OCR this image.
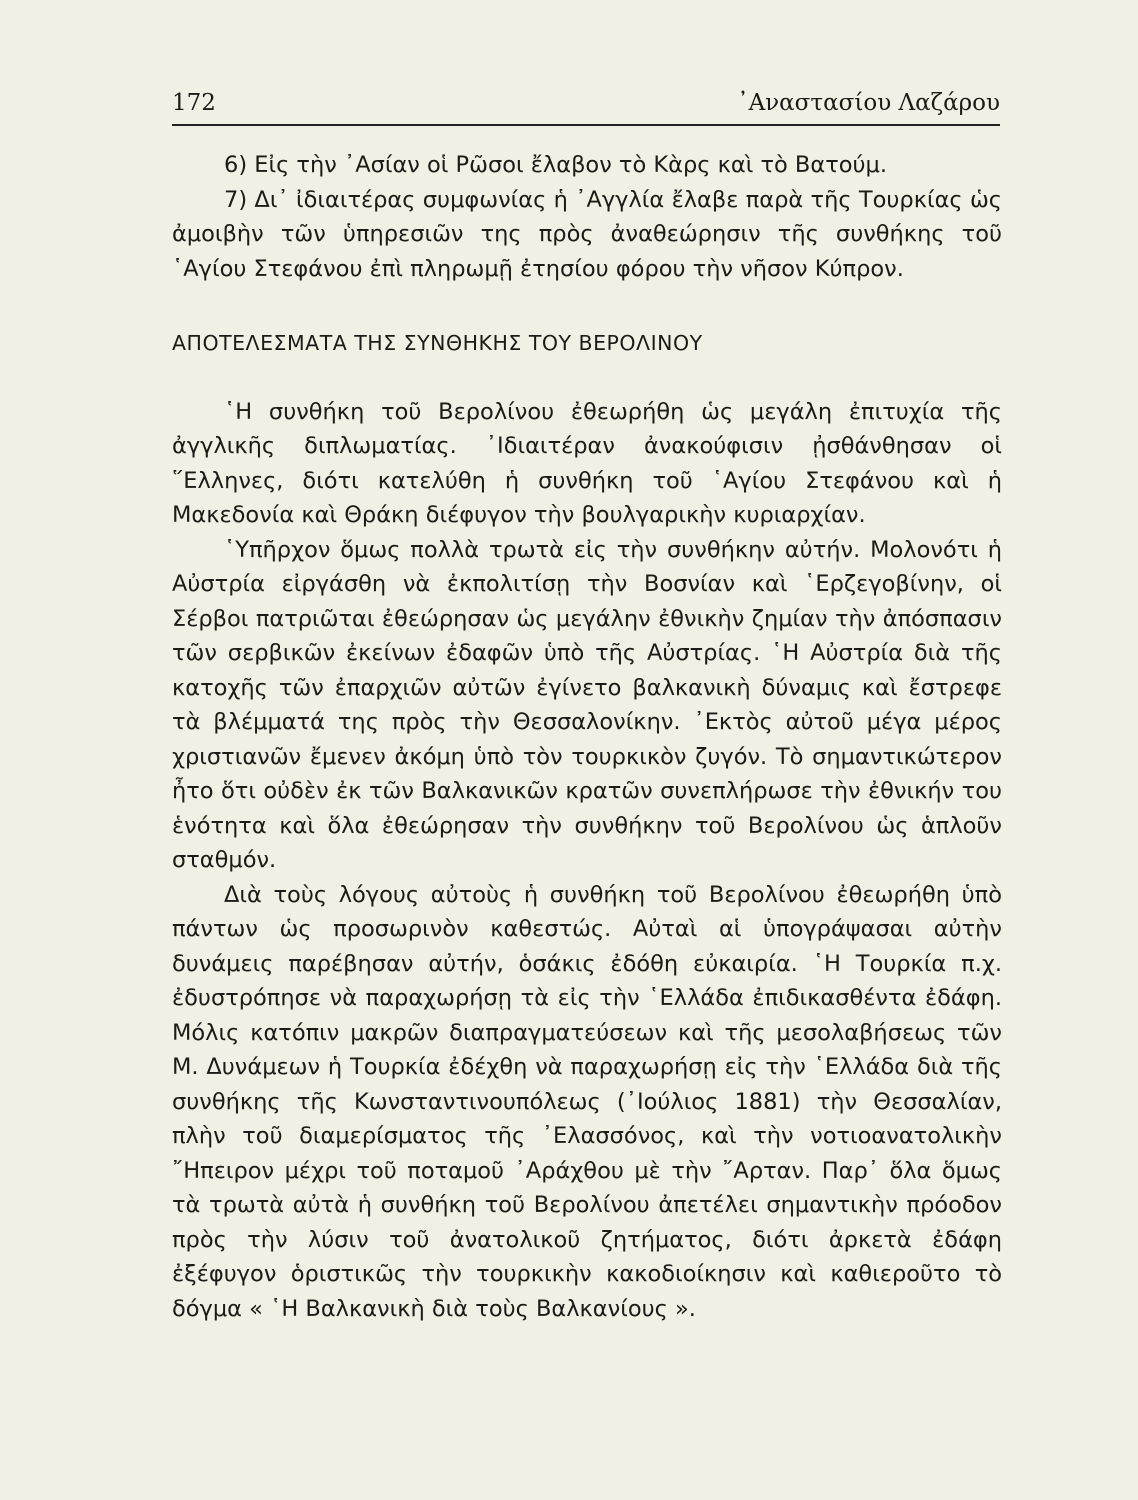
172	᾿Αναστασίου Λαζάρου

6) Εἰς τὴν ᾿Ασίαν οἱ Ρῶσοι ἔλαβον τὸ Κὰρς καὶ τὸ Βατούμ.

7) Δι᾿ ἰδιαιτέρας συμφωνίας ἡ ᾿Αγγλία ἔλαβε παρὰ τῆς Τουρκίας ὡς ἀμοιβὴν τῶν ὑπηρεσιῶν της πρὸς ἀναθεώρησιν τῆς συνθήκης τοῦ ῾Αγίου Στεφάνου ἐπὶ πληρωμῇ ἐτησίου φόρου τὴν νῆσον Κύπρον.

ΑΠΟΤΕΛΕΣΜΑΤΑ ΤΗΣ ΣΥΝΘΗΚΗΣ ΤΟΥ ΒΕΡΟΛΙΝΟΥ

῾Η συνθήκη τοῦ Βερολίνου ἐθεωρήθη ὡς μεγάλη ἐπιτυχία τῆς ἀγγλικῆς διπλωματίας. ᾿Ιδιαιτέραν ἀνακούφισιν ᾐσθάνθησαν οἱ ῞Ελληνες, διότι κατελύθη ἡ συνθήκη τοῦ ῾Αγίου Στεφάνου καὶ ἡ Μακεδονία καὶ Θράκη διέφυγον τὴν βουλγαρικὴν κυριαρχίαν.

῾Υπῆρχον ὅμως πολλὰ τρωτὰ εἰς τὴν συνθήκην αὐτήν. Μολονότι ἡ Αὐστρία εἰργάσθη νὰ ἐκπολιτίσῃ τὴν Βοσνίαν καὶ ῾Ερζεγοβίνην, οἱ Σέρβοι πατριῶται ἐθεώρησαν ὡς μεγάλην ἐθνικὴν ζημίαν τὴν ἀπόσπασιν τῶν σερβικῶν ἐκείνων ἐδαφῶν ὑπὸ τῆς Αὐστρίας. ῾Η Αὐστρία διὰ τῆς κατοχῆς τῶν ἐπαρχιῶν αὐτῶν ἐγίνετο βαλκανικὴ δύναμις καὶ ἔστρεφε τὰ βλέμματά της πρὸς τὴν Θεσσαλονίκην. ᾿Εκτὸς αὐτοῦ μέγα μέρος χριστιανῶν ἔμενεν ἀκόμη ὑπὸ τὸν τουρκικὸν ζυγόν. Τὸ σημαντικώτερον ἦτο ὅτι οὐδὲν ἐκ τῶν Βαλκανικῶν κρατῶν συνεπλήρωσε τὴν ἐθνικήν του ἑνότητα καὶ ὅλα ἐθεώρησαν τὴν συνθήκην τοῦ Βερολίνου ὡς ἁπλοῦν σταθμόν.

Διὰ τοὺς λόγους αὐτοὺς ἡ συνθήκη τοῦ Βερολίνου ἐθεωρήθη ὑπὸ πάντων ὡς προσωρινὸν καθεστώς. Αὐταὶ αἱ ὑπογράψασαι αὐτὴν δυνάμεις παρέβησαν αὐτήν, ὁσάκις ἐδόθη εὐκαιρία. ῾Η Τουρκία π.χ. ἐδυστρόπησε νὰ παραχωρήσῃ τὰ εἰς τὴν ῾Ελλάδα ἐπιδικασθέντα ἐδάφη. Μόλις κατόπιν μακρῶν διαπραγματεύσεων καὶ τῆς μεσολαβήσεως τῶν Μ. Δυνάμεων ἡ Τουρκία ἐδέχθη νὰ παραχωρήσῃ εἰς τὴν ῾Ελλάδα διὰ τῆς συνθήκης τῆς Κωνσταντινουπόλεως (᾿Ιούλιος 1881) τὴν Θεσσαλίαν, πλὴν τοῦ διαμερίσματος τῆς ᾿Ελασσόνος, καὶ τὴν νοτιοανατολικὴν ῎Ηπειρον μέχρι τοῦ ποταμοῦ ᾿Αράχθου μὲ τὴν ῎Αρταν. Παρ᾿ ὅλα ὅμως τὰ τρωτὰ αὐτὰ ἡ συνθήκη τοῦ Βερολίνου ἀπετέλει σημαντικὴν πρόοδον πρὸς τὴν λύσιν τοῦ ἀνατολικοῦ ζητήματος, διότι ἀρκετὰ ἐδάφη ἐξέφυγον ὁριστικῶς τὴν τουρκικὴν κακοδιοίκησιν καὶ καθιεροῦτο τὸ δόγμα « ῾Η Βαλκανικὴ διὰ τοὺς Βαλκανίους ».
